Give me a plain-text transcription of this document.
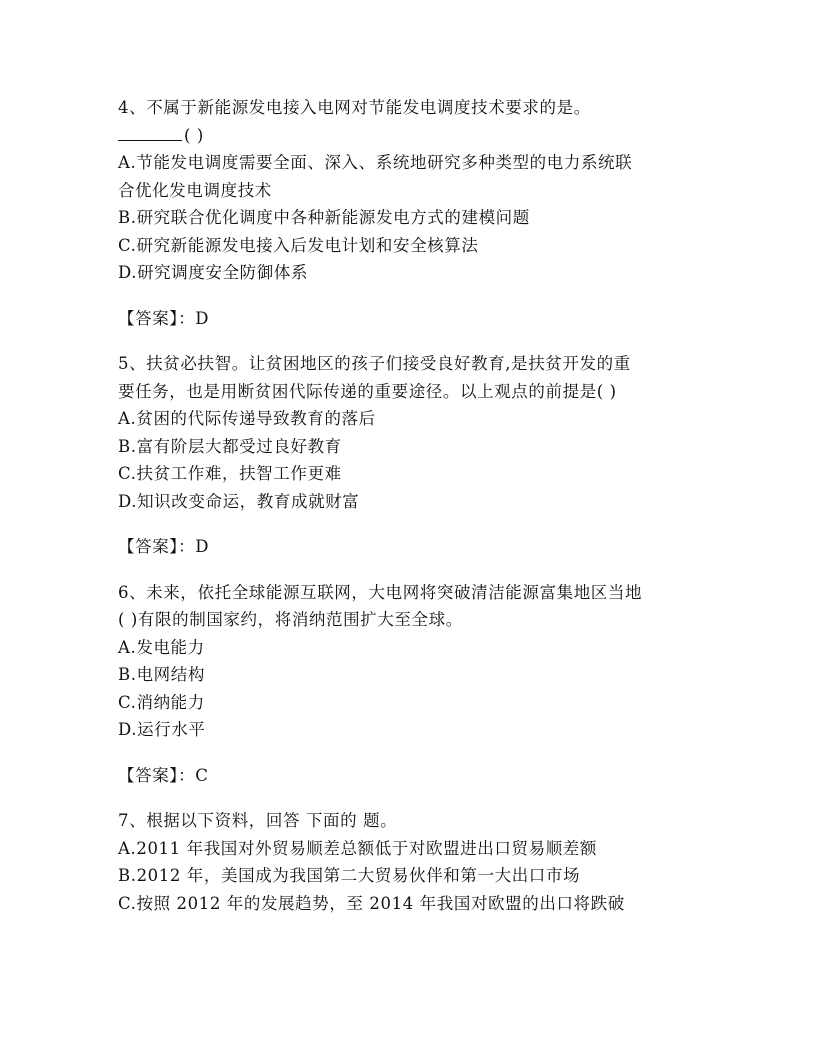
4、不属于新能源发电接入电网对节能发电调度技术要求的是。
( )
A.节能发电调度需要全面、深入、系统地研究多种类型的电力系统联
合优化发电调度技术
B.研究联合优化调度中各种新能源发电方式的建模问题
C.研究新能源发电接入后发电计划和安全核算法
D.研究调度安全防御体系
【答案】：D
5、扶贫必扶智。让贫困地区的孩子们接受良好教育,是扶贫开发的重
要任务，也是用断贫困代际传递的重要途径。以上观点的前提是( )
A.贫困的代际传递导致教育的落后
B.富有阶层大都受过良好教育
C.扶贫工作难，扶智工作更难
D.知识改变命运，教育成就财富
【答案】：D
6、未来，依托全球能源互联网，大电网将突破清洁能源富集地区当地
( )有限的制国家约，将消纳范围扩大至全球。
A.发电能力
B.电网结构
C.消纳能力
D.运行水平
【答案】：C
7、根据以下资料，回答 下面的 题。
A.2011 年我国对外贸易顺差总额低于对欧盟进出口贸易顺差额
B.2012 年，美国成为我国第二大贸易伙伴和第一大出口市场
C.按照 2012 年的发展趋势，至 2014 年我国对欧盟的出口将跌破
